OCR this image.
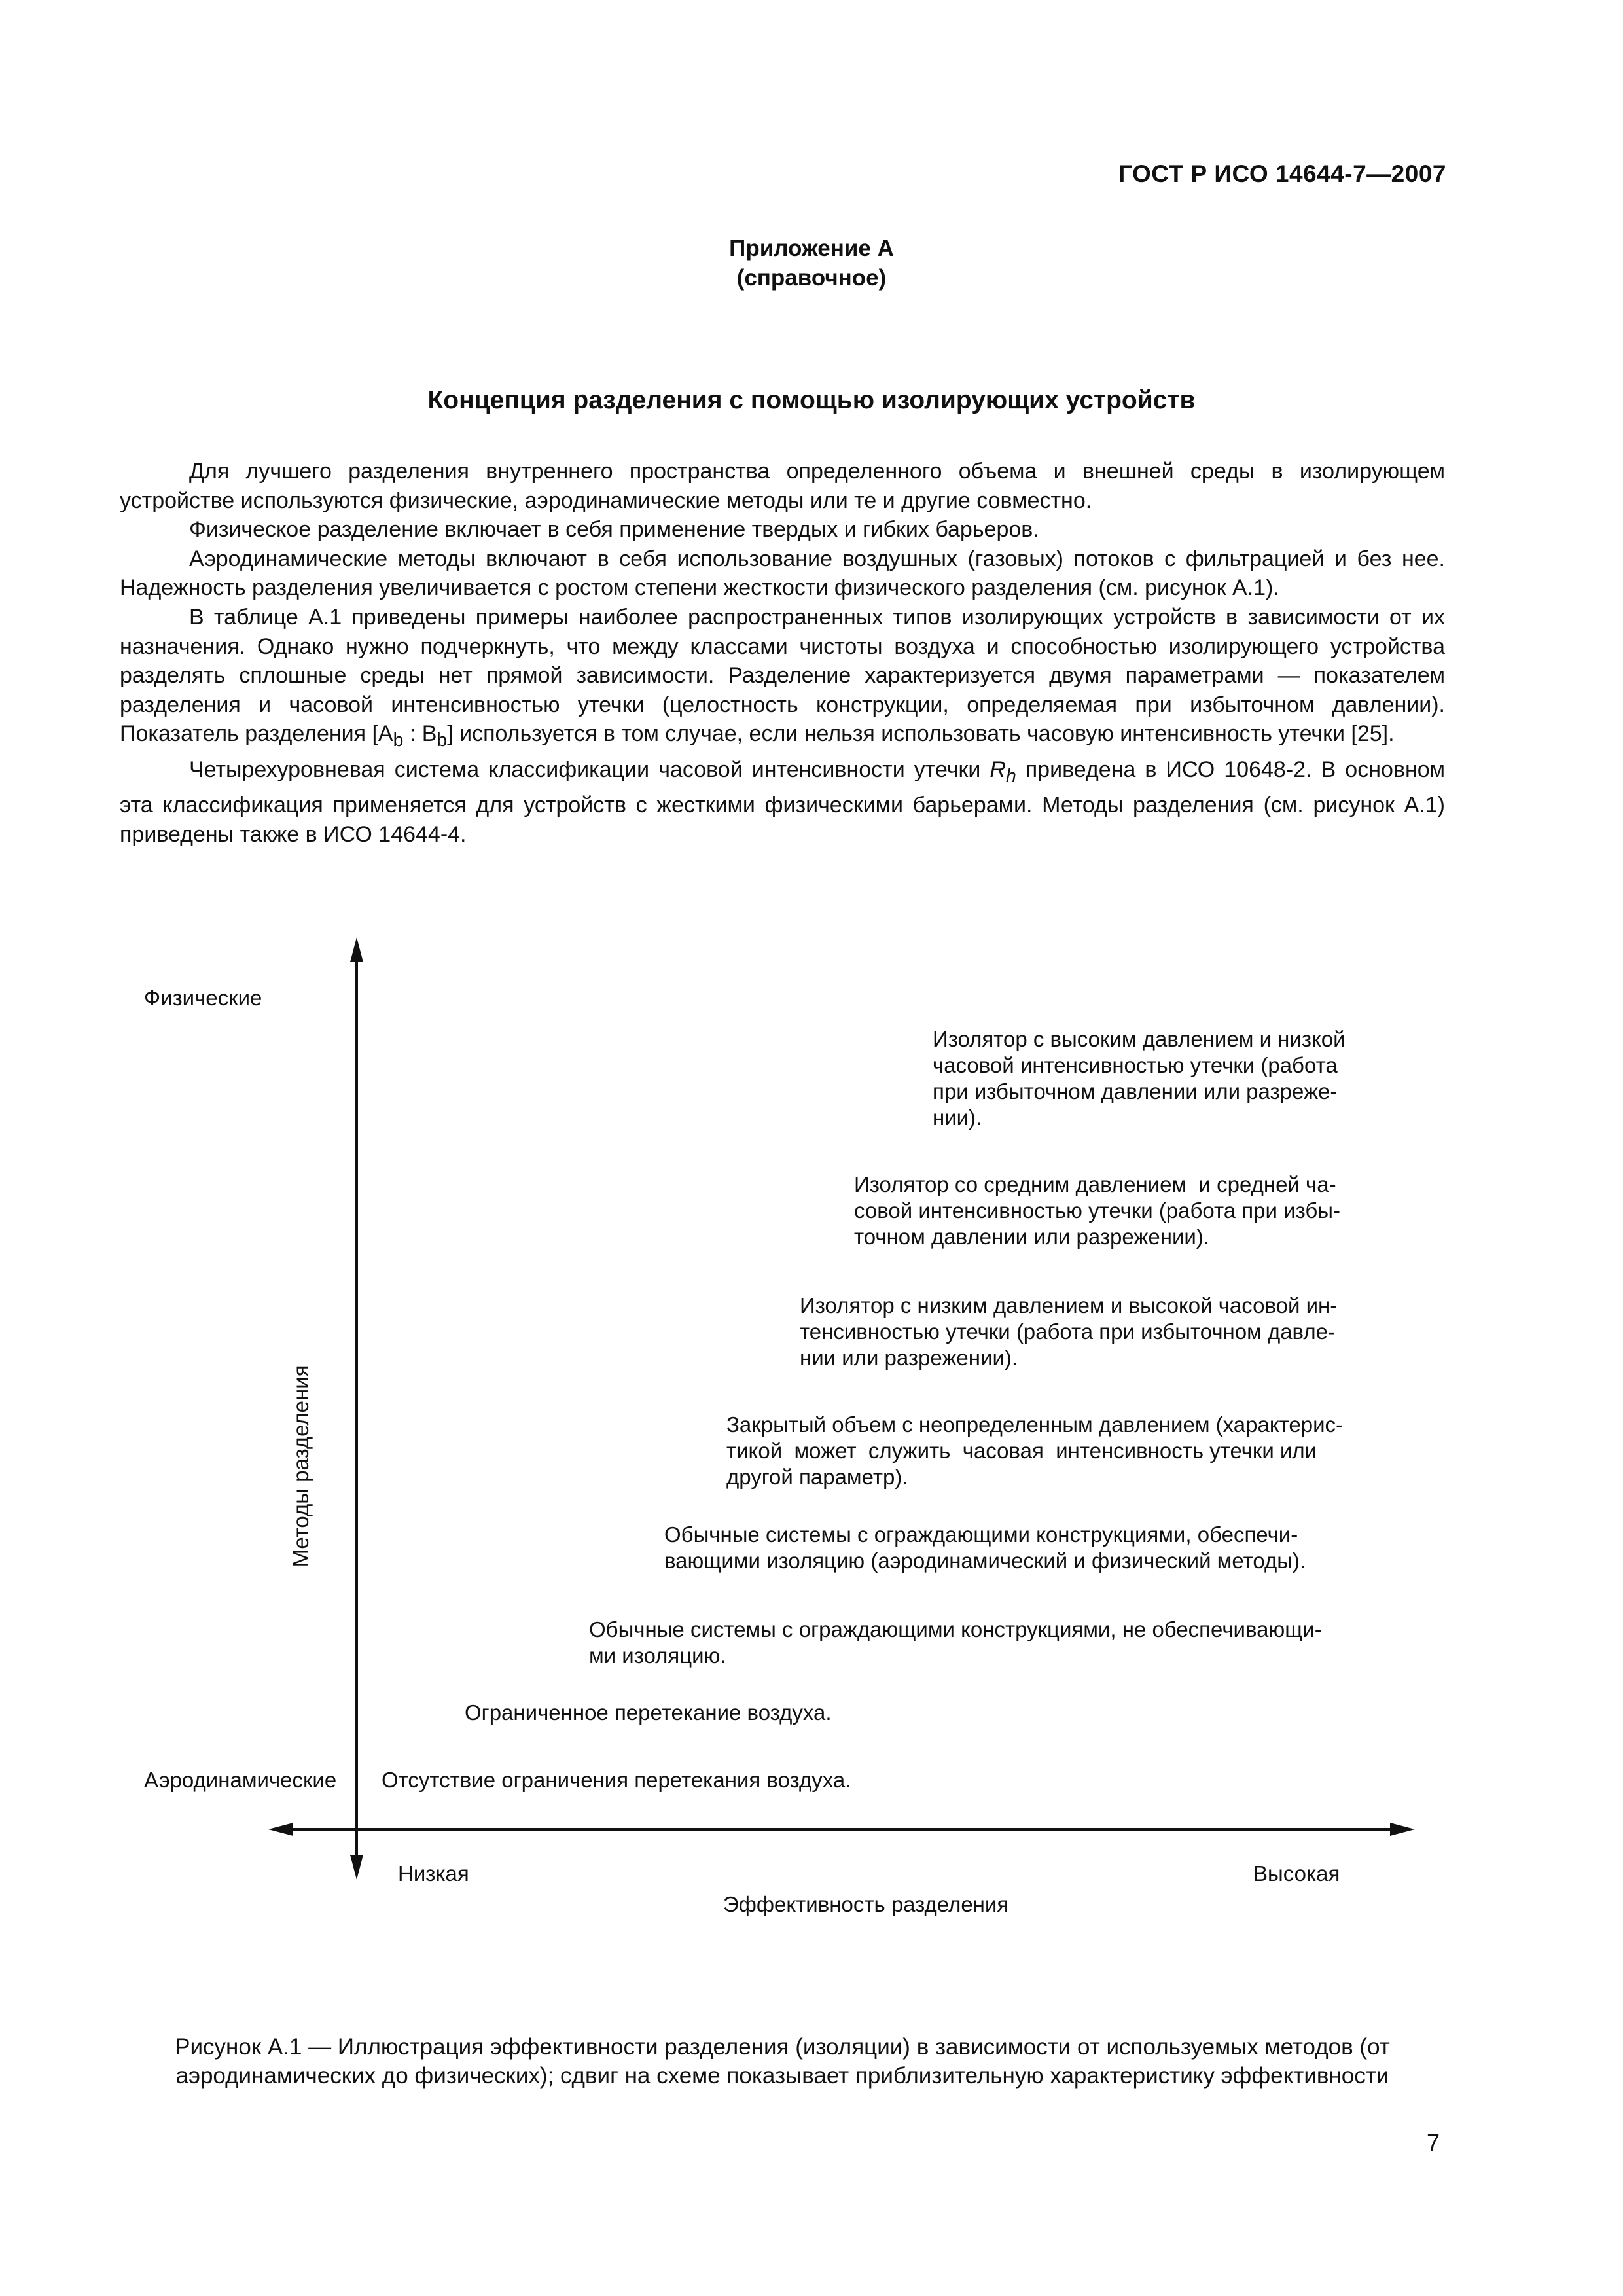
ГОСТ Р ИСО 14644-7—2007
Приложение А
(справочное)
Концепция разделения с помощью изолирующих устройств

Для лучшего разделения внутреннего пространства определенного объема и внешней среды в изолирующем устройстве используются физические, аэродинамические методы или те и другие совместно.

Физическое разделение включает в себя применение твердых и гибких барьеров.

Аэродинамические методы включают в себя использование воздушных (газовых) потоков с фильтрацией и без нее. Надежность разделения увеличивается с ростом степени жесткости физического разделения (см. рисунок А.1).

В таблице А.1 приведены примеры наиболее распространенных типов изолирующих устройств в зависимости от их назначения. Однако нужно подчеркнуть, что между классами чистоты воздуха и способностью изолирующего устройства разделять сплошные среды нет прямой зависимости. Разделение характеризуется двумя параметрами — показателем разделения и часовой интенсивностью утечки (целостность конструкции, определяемая при избыточном давлении). Показатель разделения [$A_b$ : $B_b$] используется в том случае, если нельзя использовать часовую интенсивность утечки [25].

Четырехуровневая система классификации часовой интенсивности утечки $R_h$ приведена в ИСО 10648-2. В основном эта классификация применяется для устройств с жесткими физическими барьерами. Методы разделения (см. рисунок А.1) приведены также в ИСО 14644-4.

Физические
Аэродинамические
Методы разделения
Изолятор с высоким давлением и низкой
часовой интенсивностью утечки (работа
при избыточном давлении или разреже-
нии).
Изолятор со средним давлением  и средней ча-
совой интенсивностью утечки (работа при избы-
точном давлении или разрежении).
Изолятор с низким давлением и высокой часовой ин-
тенсивностью утечки (работа при избыточном давле-
нии или разрежении).
Закрытый объем с неопределенным давлением (характерис-
тикой  может  служить  часовая  интенсивность утечки или
другой параметр).
Обычные системы с ограждающими конструкциями, обеспечи-
вающими изоляцию (аэродинамический и физический методы).
Обычные системы с ограждающими конструкциями, не обеспечивающи-
ми изоляцию.
Ограниченное перетекание воздуха.
Отсутствие ограничения перетекания воздуха.
Низкая	Высокая
Эффективность разделения
Рисунок А.1 — Иллюстрация эффективности разделения (изоляции) в зависимости от используемых методов (от аэродинамических до физических); сдвиг на схеме показывает приблизительную характеристику эффективности
7
